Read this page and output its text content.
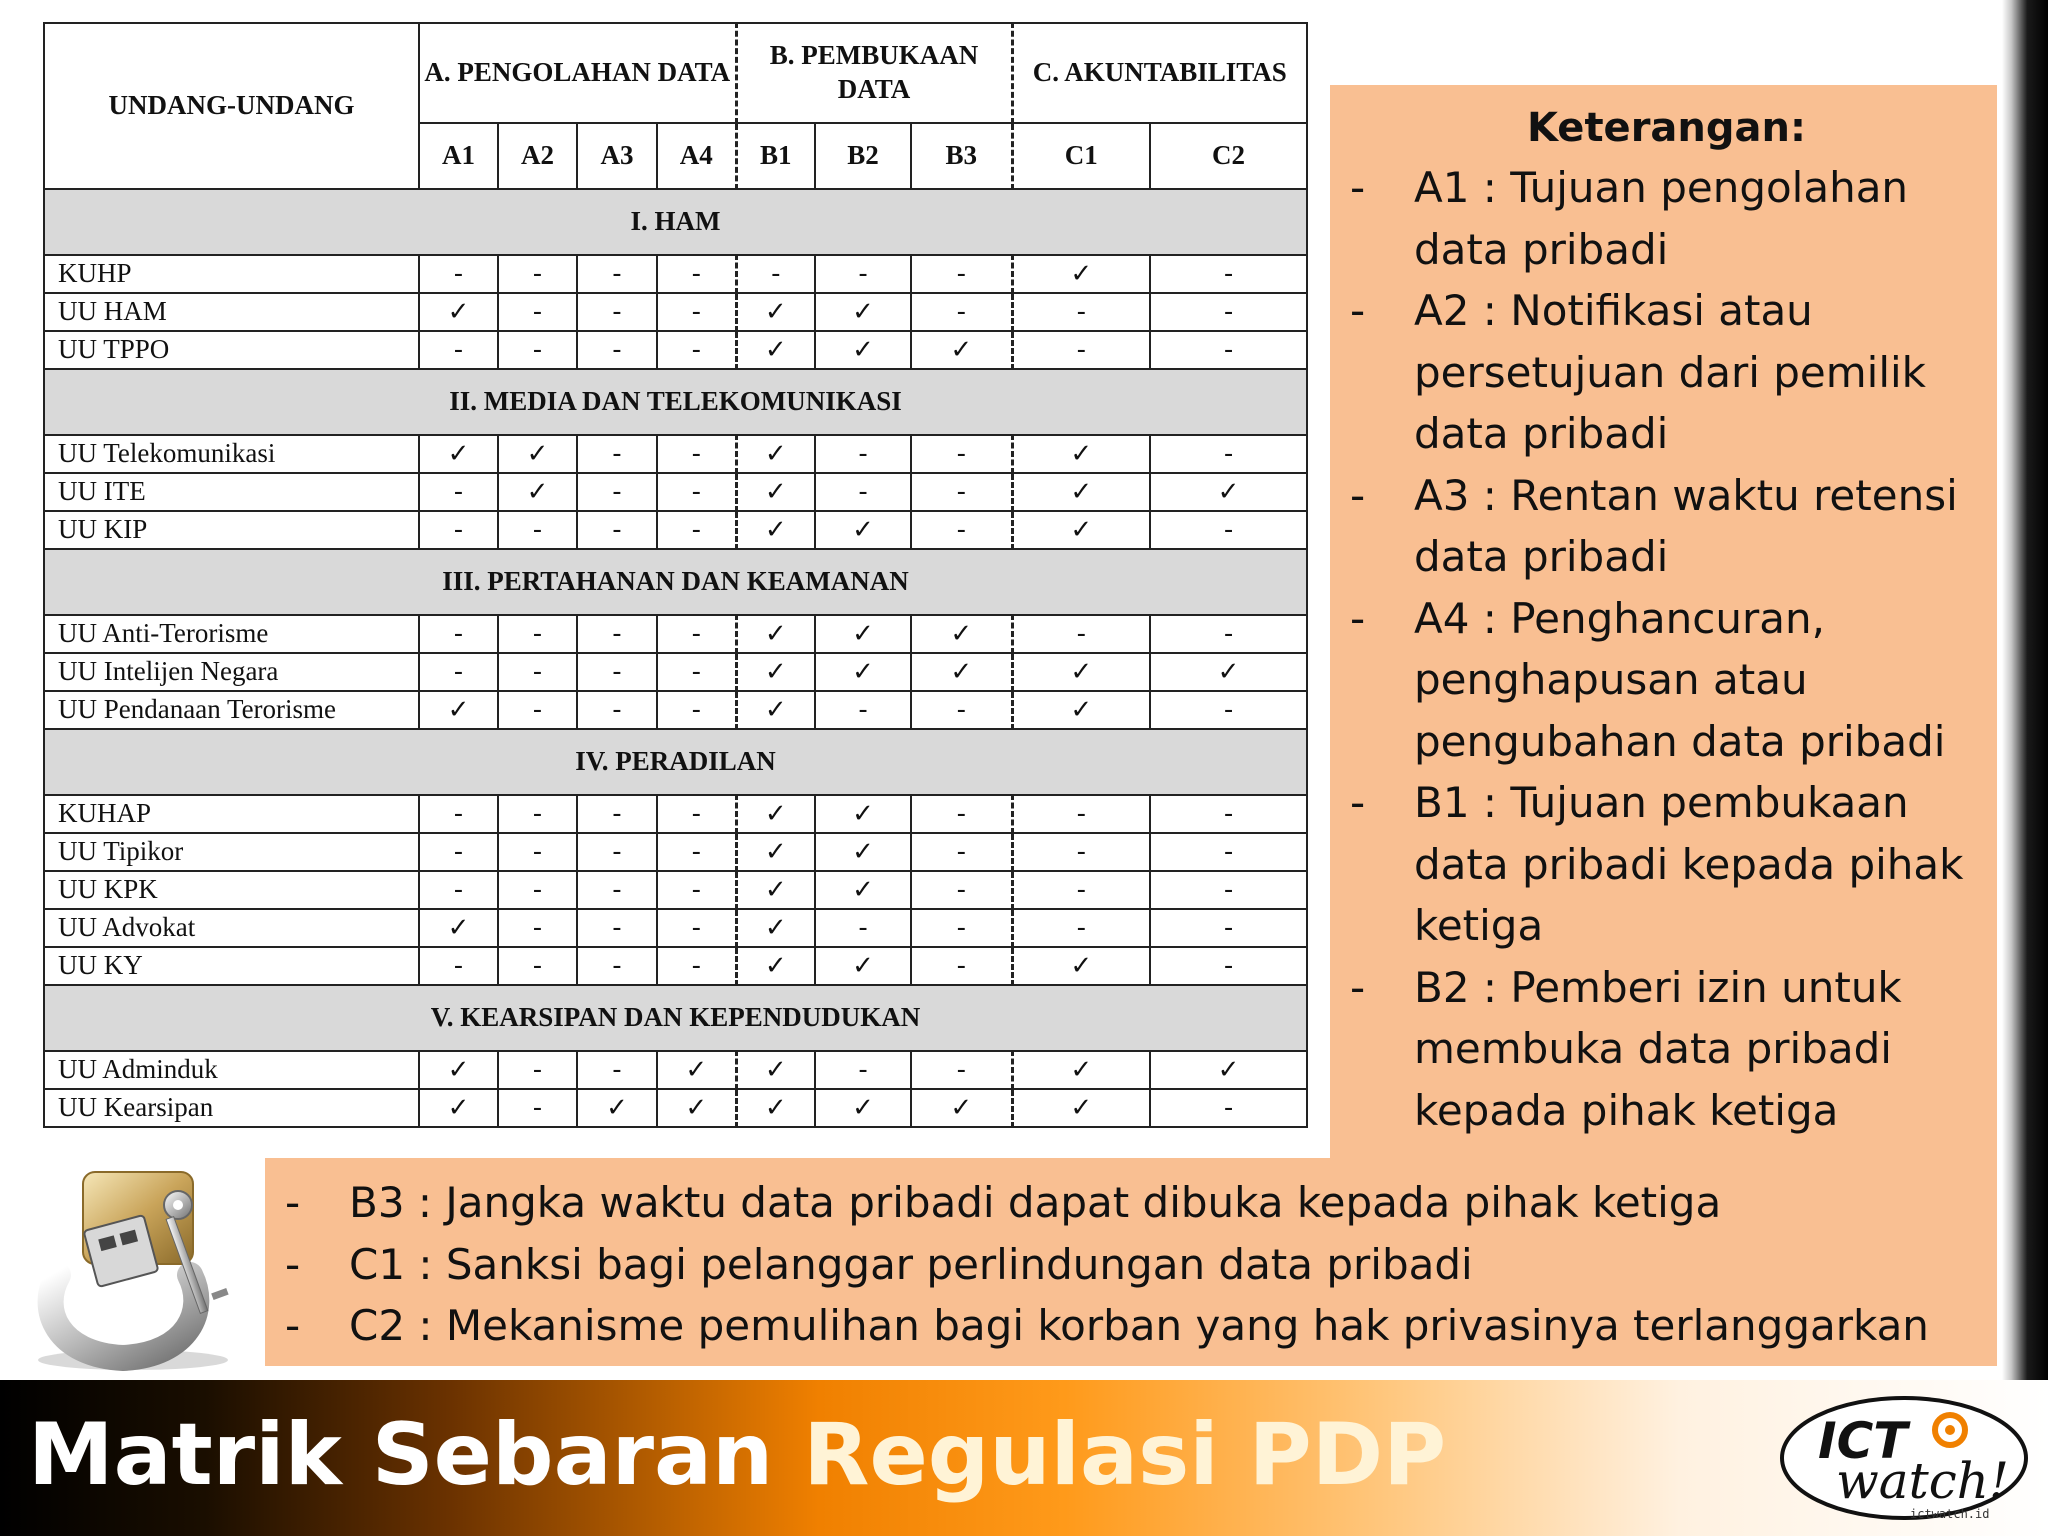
UNDANG-UNDANG	A. PENGOLAHAN DATA				B. PEMBUKAAN DATA			C. AKUNTABILITAS	
	A1	A2	A3	A4	B1	B2	B3	C1	C2
I. HAM									
KUHP	-	-	-	-	-	-	-	✓	-
UU HAM	✓	-	-	-	✓	✓	-	-	-
UU TPPO	-	-	-	-	✓	✓	✓	-	-
II. MEDIA DAN TELEKOMUNIKASI									
UU Telekomunikasi	✓	✓	-	-	✓	-	-	✓	-
UU ITE	-	✓	-	-	✓	-	-	✓	✓
UU KIP	-	-	-	-	✓	✓	-	✓	-
III. PERTAHANAN DAN KEAMANAN									
UU Anti-Terorisme	-	-	-	-	✓	✓	✓	-	-
UU Intelijen Negara	-	-	-	-	✓	✓	✓	✓	✓
UU Pendanaan Terorisme	✓	-	-	-	✓	-	-	✓	-
IV. PERADILAN									
KUHAP	-	-	-	-	✓	✓	-	-	-
UU Tipikor	-	-	-	-	✓	✓	-	-	-
UU KPK	-	-	-	-	✓	✓	-	-	-
UU Advokat	✓	-	-	-	✓	-	-	-	-
UU KY	-	-	-	-	✓	✓	-	✓	-
V. KEARSIPAN DAN KEPENDUDUKAN									
UU Adminduk	✓	-	-	✓	✓	-	-	✓	✓
UU Kearsipan	✓	-	✓	✓	✓	✓	✓	✓	-
Keterangan:
-	A1 : Tujuan pengolahan data pribadi
-	A2 : Notifikasi atau persetujuan dari pemilik data pribadi
-	A3 : Rentan waktu retensi data pribadi
-	A4 : Penghancuran, penghapusan atau pengubahan data pribadi
-	B1 : Tujuan pembukaan data pribadi kepada pihak ketiga
-	B2 : Pemberi izin untuk membuka data pribadi kepada pihak ketiga
-	B3 : Jangka waktu data pribadi dapat dibuka kepada pihak ketiga
-	C1 : Sanksi bagi pelanggar perlindungan data pribadi
-	C2 : Mekanisme pemulihan bagi korban yang hak privasinya terlanggarkan
Matrik Sebaran Regulasi PDP	ICT
watch!
ictwatch.id
